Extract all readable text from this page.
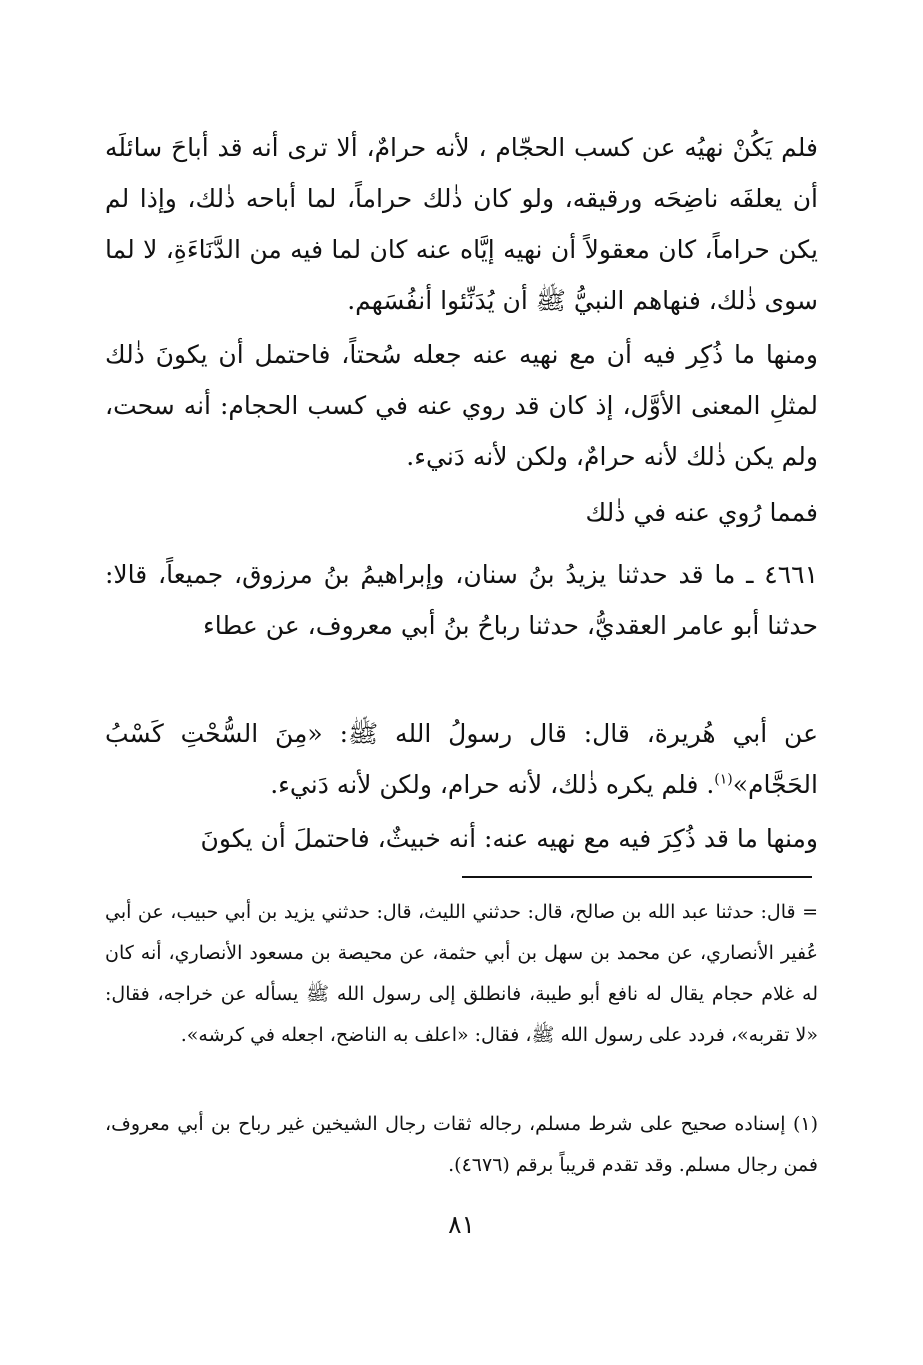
فلم يَكُنْ نهيُه عن كسب الحجّام ، لأنه حرامٌ، ألا ترى أنه قد أباحَ سائلَه أن يعلفَه ناضِحَه ورقيقه، ولو كان ذٰلك حراماً، لما أباحه ذٰلك، وإذا لم يكن حراماً، كان معقولاً أن نهيه إيَّاه عنه كان لما فيه من الدَّنَاءَةِ، لا لما سوى ذٰلك، فنهاهم النبيُّ ﷺ أن يُدَنِّئوا أنفُسَهم.

ومنها ما ذُكِر فيه أن مع نهيه عنه جعله سُحتاً، فاحتمل أن يكونَ ذٰلك لمثلِ المعنى الأوَّل، إذ كان قد روي عنه في كسب الحجام: أنه سحت، ولم يكن ذٰلك لأنه حرامٌ، ولكن لأنه دَنيء.

فمما رُوي عنه في ذٰلك

٤٦٦١ ـ ما قد حدثنا يزيدُ بنُ سنان، وإبراهيمُ بنُ مرزوق، جميعاً، قالا: حدثنا أبو عامر العقديُّ، حدثنا رباحُ بنُ أبي معروف، عن عطاء

عن أبي هُريرة، قال: قال رسولُ الله ﷺ: «مِنَ السُّحْتِ كَسْبُ الحَجَّام»$^{(١)}$. فلم يكره ذٰلك، لأنه حرام، ولكن لأنه دَنيء.

ومنها ما قد ذُكِرَ فيه مع نهيه عنه: أنه خبيثٌ، فاحتملَ أن يكونَ

= قال: حدثنا عبد الله بن صالح، قال: حدثني الليث، قال: حدثني يزيد بن أبي حبيب، عن أبي عُفير الأنصاري، عن محمد بن سهل بن أبي حثمة، عن محيصة بن مسعود الأنصاري، أنه كان له غلام حجام يقال له نافع أبو طيبة، فانطلق إلى رسول الله ﷺ يسأله عن خراجه، فقال: «لا تقربه»، فردد على رسول الله ﷺ، فقال: «اعلف به الناضح، اجعله في كرشه».

(١) إسناده صحيح على شرط مسلم، رجاله ثقات رجال الشيخين غير رباح بن أبي معروف، فمن رجال مسلم. وقد تقدم قريباً برقم (٤٦٧٦).

٨١
